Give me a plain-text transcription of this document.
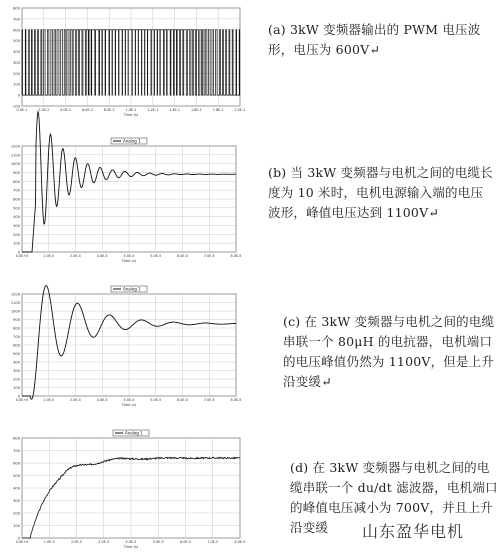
800
700
600
500
400
300
200
100
0
-100
0.0E-1	2.0E-2	4.0E-2	6.0E-2	8.0E-2	1.0E-1	1.2E-1	1.4E-1	1.6E-1	1.8E-1	2.0E-1
Time (s)
(a) 3kW 变频器输出的 PWM 电压波形，电压为 600V↵
1200
1100
1000
900
800
700
600
500
400
300
200
100
0
0.0E+0	1.0E-5	2.0E-5	3.0E-5	4.0E-5	5.0E-5	6.0E-5	7.0E-5	8.0E-5
Time (s)
Analog 1
(b) 当 3kW 变频器与电机之间的电缆长度为 10 米时，电机电源输入端的电压波形，峰值电压达到 1100V↵
1200
1100
1000
900
800
700
600
500
400
300
200
100
0
0.0E+0	1.0E-5	2.0E-5	3.0E-5	4.0E-5	5.0E-5	6.0E-5	7.0E-5	8.0E-5
Time (s)
Analog 1
(c) 在 3kW 变频器与电机之间的电缆串联一个 80μH 的电抗器，电机端口的电压峰值仍然为 1100V，但是上升沿变缓↵
800
700
600
500
400
300
200
100
0
0.0E+0	1.0E-5	2.0E-5	3.0E-5	4.0E-5	5.0E-5	6.0E-5	7.0E-5	8.0E-5
Time (s)
Analog 1
(d) 在 3kW 变频器与电机之间的电缆串联一个 du/dt 滤波器，电机端口的峰值电压减小为 700V，并且上升沿变缓	山东盈华电机
